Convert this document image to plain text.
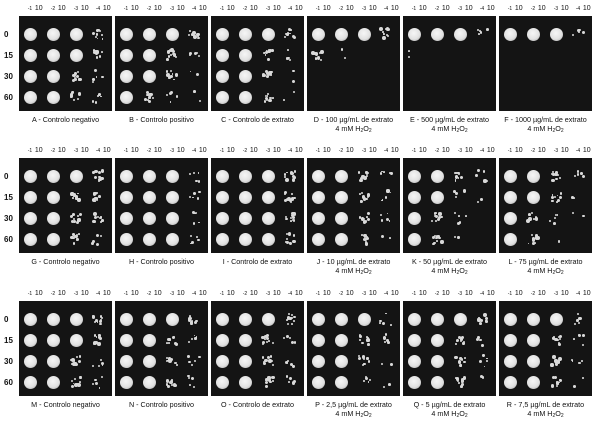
0
15
30
60
10
$^{-1}$	10
$^{-2}$	10
$^{-3}$	10
$^{-4}$
A - Controlo negativo
10
$^{-1}$	10
$^{-2}$	10
$^{-3}$	10
$^{-4}$
B - Controlo positivo
10
$^{-1}$	10
$^{-2}$	10
$^{-3}$	10
$^{-4}$
C - Controlo de extrato
10
$^{-1}$	10
$^{-2}$	10
$^{-3}$	10
$^{-4}$
D - 100 µg/mL de extrato
4 mM $H_2O_2$
10
$^{-1}$	10
$^{-2}$	10
$^{-3}$	10
$^{-4}$
E - 500 µg/mL de extrato
4 mM $H_2O_2$
10
$^{-1}$	10
$^{-2}$	10
$^{-3}$	10
$^{-4}$
F - 1000 µg/mL de extrato
4 mM $H_2O_2$
0
15
30
60
10
$^{-1}$	10
$^{-2}$	10
$^{-3}$	10
$^{-4}$
G - Controlo negativo
10
$^{-1}$	10
$^{-2}$	10
$^{-3}$	10
$^{-4}$
H - Controlo positivo
10
$^{-1}$	10
$^{-2}$	10
$^{-3}$	10
$^{-4}$
I - Controlo de extrato
10
$^{-1}$	10
$^{-2}$	10
$^{-3}$	10
$^{-4}$
J - 10 µg/mL de extrato
4 mM $H_2O_2$
10
$^{-1}$	10
$^{-2}$	10
$^{-3}$	10
$^{-4}$
K - 50 µg/mL de extrato
4 mM $H_2O_2$
10
$^{-1}$	10
$^{-2}$	10
$^{-3}$	10
$^{-4}$
L - 75 µg/mL de extrato
4 mM $H_2O_2$
0
15
30
60
10
$^{-1}$	10
$^{-2}$	10
$^{-3}$	10
$^{-4}$
M - Controlo negativo
10
$^{-1}$	10
$^{-2}$	10
$^{-3}$	10
$^{-4}$
N - Controlo positivo
10
$^{-1}$	10
$^{-2}$	10
$^{-3}$	10
$^{-4}$
O - Controlo de extrato
10
$^{-1}$	10
$^{-2}$	10
$^{-3}$	10
$^{-4}$
P - 2,5 µg/mL de extrato
4 mM $H_2O_2$
10
$^{-1}$	10
$^{-2}$	10
$^{-3}$	10
$^{-4}$
Q - 5 µg/mL de extrato
4 mM $H_2O_2$
10
$^{-1}$	10
$^{-2}$	10
$^{-3}$	10
$^{-4}$
R - 7,5 µg/mL de extrato
4 mM $H_2O_2$
